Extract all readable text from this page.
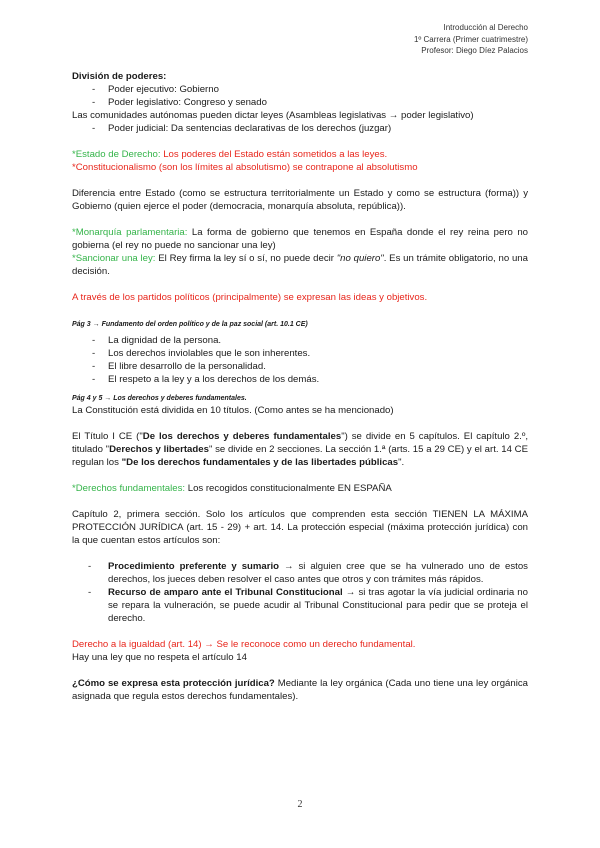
Introducción al Derecho
1º Carrera (Primer cuatrimestre)
Profesor: Diego Díez Palacios

División de poderes:

- Poder ejecutivo: Gobierno
- Poder legislativo: Congreso y senado

Las comunidades autónomas pueden dictar leyes (Asambleas legislativas → poder legislativo)

- Poder judicial: Da sentencias declarativas de los derechos (juzgar)

*Estado de Derecho: Los poderes del Estado están sometidos a las leyes.

*Constitucionalismo (son los límites al absolutismo) se contrapone al absolutismo

Diferencia entre Estado (como se estructura territorialmente un Estado y como se estructura (forma)) y Gobierno (quien ejerce el poder (democracia, monarquía absoluta, república)).

*Monarquía parlamentaria: La forma de gobierno que tenemos en España donde el rey reina pero no gobierna (el rey no puede no sancionar una ley)

*Sancionar una ley: El Rey firma la ley sí o sí, no puede decir "no quiero". Es un trámite obligatorio, no una decisión.

A través de los partidos políticos (principalmente) se expresan las ideas y objetivos.

Pág 3 → Fundamento del orden político y de la paz social (art. 10.1 CE)

- La dignidad de la persona.
- Los derechos inviolables que le son inherentes.
- El libre desarrollo de la personalidad.
- El respeto a la ley y a los derechos de los demás.

Pág 4 y 5 → Los derechos y deberes fundamentales.

La Constitución está dividida en 10 títulos. (Como antes se ha mencionado)

El Título I CE ("De los derechos y deberes fundamentales") se divide en 5 capítulos. El capítulo 2.º, titulado "Derechos y libertades" se divide en 2 secciones. La sección 1.ª (arts. 15 a 29 CE) y el art. 14 CE regulan los "De los derechos fundamentales y de las libertades públicas".

*Derechos fundamentales: Los recogidos constitucionalmente EN ESPAÑA

Capítulo 2, primera sección. Solo los artículos que comprenden esta sección TIENEN LA MÁXIMA PROTECCIÓN JURÍDICA (art. 15 - 29) + art. 14. La protección especial (máxima protección jurídica) con la que cuentan estos artículos son:

- Procedimiento preferente y sumario → si alguien cree que se ha vulnerado uno de estos derechos, los jueces deben resolver el caso antes que otros y con trámites más rápidos.
- Recurso de amparo ante el Tribunal Constitucional → si tras agotar la vía judicial ordinaria no se repara la vulneración, se puede acudir al Tribunal Constitucional para pedir que se proteja el derecho.

Derecho a la igualdad (art. 14) → Se le reconoce como un derecho fundamental.

Hay una ley que no respeta el artículo 14

¿Cómo se expresa esta protección jurídica? Mediante la ley orgánica (Cada uno tiene una ley orgánica asignada que regula estos derechos fundamentales).

2
